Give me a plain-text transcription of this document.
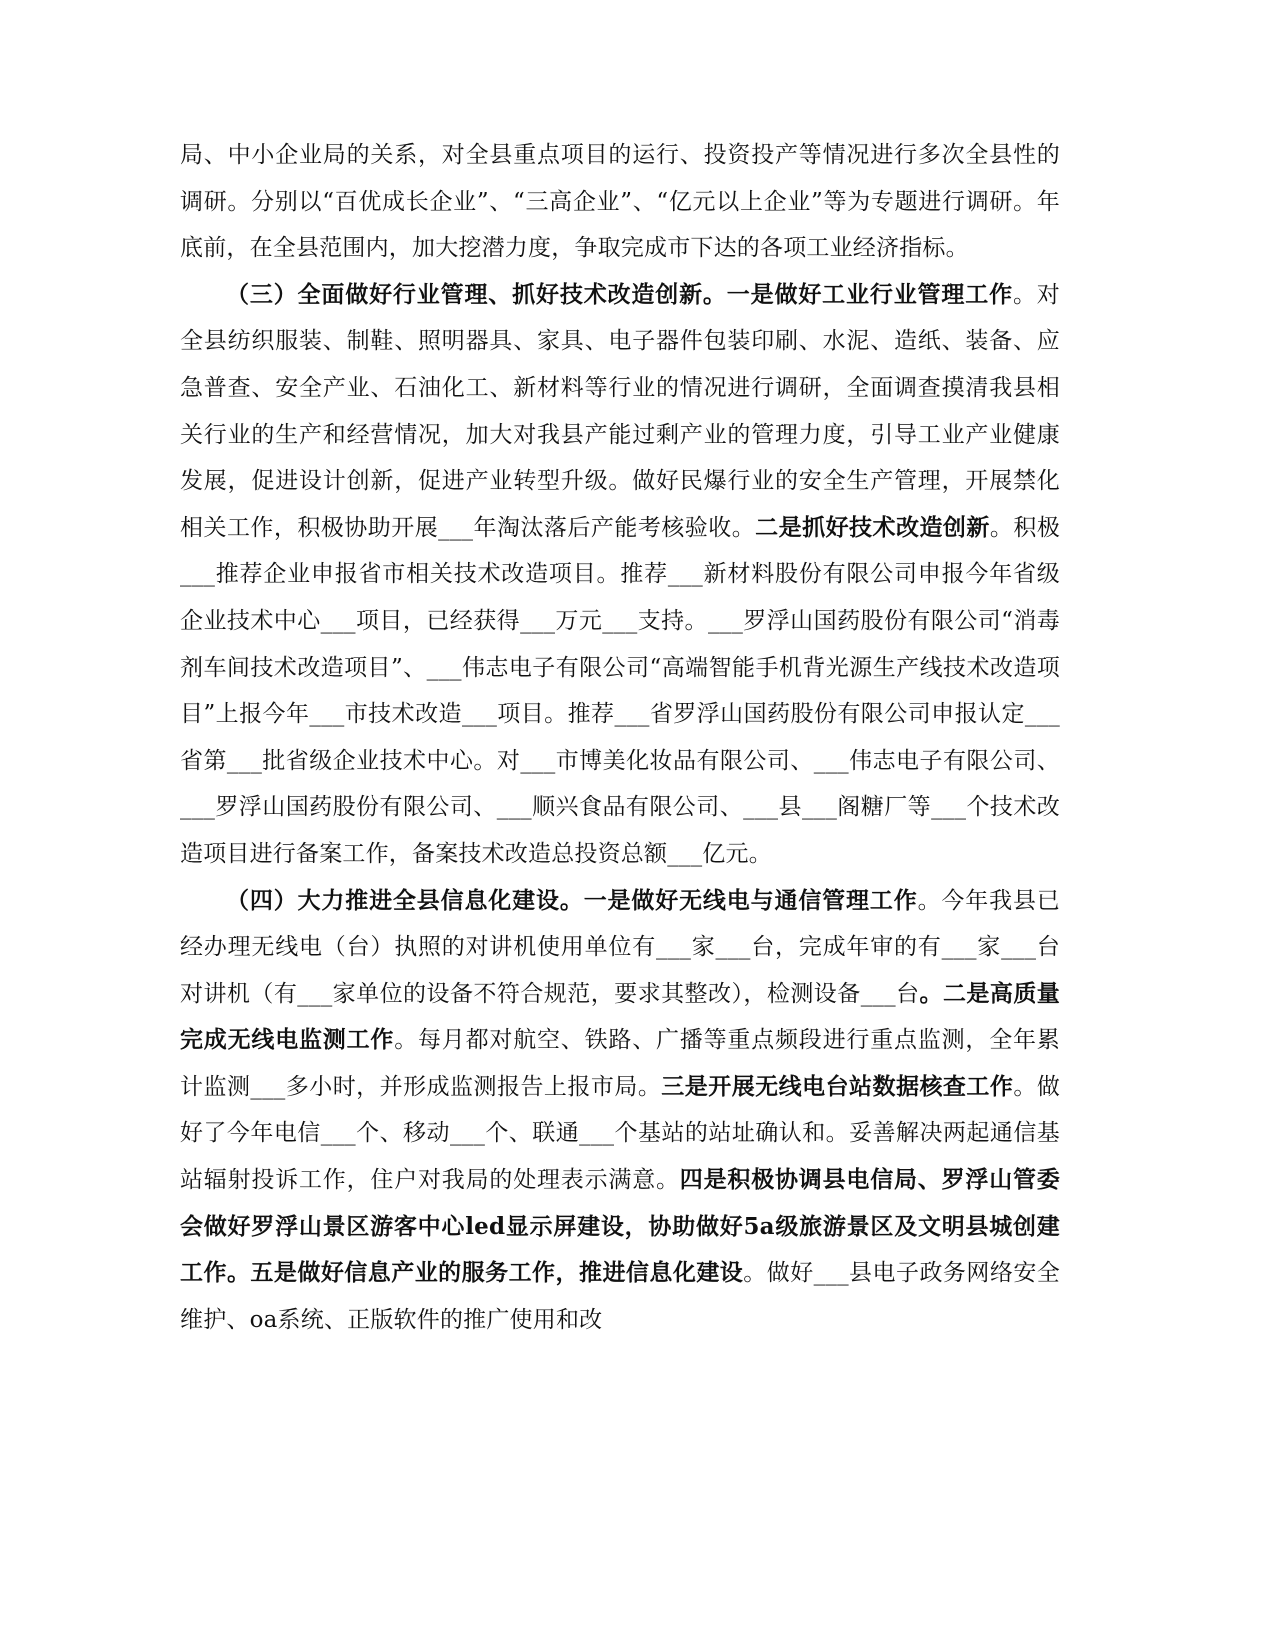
局、中小企业局的关系，对全县重点项目的运行、投资投产等情况进行多次全县性的调研。分别以“百优成长企业”、“三高企业”、“亿元以上企业”等为专题进行调研。年底前，在全县范围内，加大挖潜力度，争取完成市下达的各项工业经济指标。

（三）全面做好行业管理、抓好技术改造创新。一是做好工业行业管理工作。对全县纺织服装、制鞋、照明器具、家具、电子器件包装印刷、水泥、造纸、装备、应急普查、安全产业、石油化工、新材料等行业的情况进行调研，全面调查摸清我县相关行业的生产和经营情况，加大对我县产能过剩产业的管理力度，引导工业产业健康发展，促进设计创新，促进产业转型升级。做好民爆行业的安全生产管理，开展禁化相关工作，积极协助开展___年淘汰落后产能考核验收。二是抓好技术改造创新。积极___推荐企业申报省市相关技术改造项目。推荐___新材料股份有限公司申报今年省级企业技术中心___项目，已经获得___万元___支持。___罗浮山国药股份有限公司“消毒剂车间技术改造项目”、___伟志电子有限公司“高端智能手机背光源生产线技术改造项目”上报今年___市技术改造___项目。推荐___省罗浮山国药股份有限公司申报认定___省第___批省级企业技术中心。对___市博美化妆品有限公司、___伟志电子有限公司、___罗浮山国药股份有限公司、___顺兴食品有限公司、___县___阁糖厂等___个技术改造项目进行备案工作，备案技术改造总投资总额___亿元。

（四）大力推进全县信息化建设。一是做好无线电与通信管理工作。今年我县已经办理无线电（台）执照的对讲机使用单位有___家___台，完成年审的有___家___台对讲机（有___家单位的设备不符合规范，要求其整改），检测设备___台。二是高质量完成无线电监测工作。每月都对航空、铁路、广播等重点频段进行重点监测，全年累计监测___多小时，并形成监测报告上报市局。三是开展无线电台站数据核查工作。做好了今年电信___个、移动___个、联通___个基站的站址确认和。妥善解决两起通信基站辐射投诉工作，住户对我局的处理表示满意。四是积极协调县电信局、罗浮山管委会做好罗浮山景区游客中心led显示屏建设，协助做好5a级旅游景区及文明县城创建工作。五是做好信息产业的服务工作，推进信息化建设。做好___县电子政务网络安全维护、oa系统、正版软件的推广使用和改
